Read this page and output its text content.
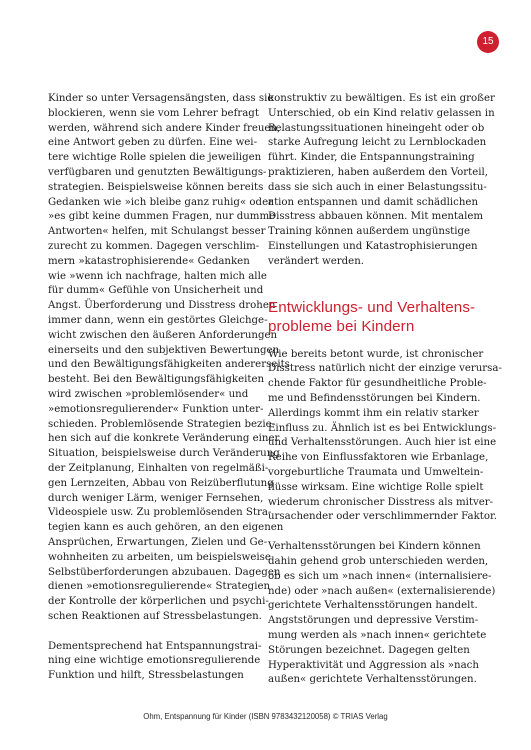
15
Kinder so unter Versagensängsten, dass sie
blockieren, wenn sie vom Lehrer befragt
werden, während sich andere Kinder freuen,
eine Antwort geben zu dürfen. Eine wei-
tere wichtige Rolle spielen die jeweiligen
verfügbaren und genutzten Bewältigungs-
strategien. Beispielsweise können bereits
Gedanken wie »ich bleibe ganz ruhig« oder
»es gibt keine dummen Fragen, nur dumme
Antworten« helfen, mit Schulangst besser
zurecht zu kommen. Dagegen verschlim-
mern »katastrophisierende« Gedanken
wie »wenn ich nachfrage, halten mich alle
für dumm« Gefühle von Unsicherheit und
Angst. Überforderung und Disstress drohen
immer dann, wenn ein gestörtes Gleichge-
wicht zwischen den äußeren Anforderungen
einerseits und den subjektiven Bewertungen
und den Bewältigungsfähigkeiten andererseits
besteht. Bei den Bewältigungsfähigkeiten
wird zwischen »problemlösender« und
»emotionsregulierender« Funktion unter-
schieden. Problemlösende Strategien bezie-
hen sich auf die konkrete Veränderung einer
Situation, beispielsweise durch Veränderung
der Zeitplanung, Einhalten von regelmäßi-
gen Lernzeiten, Abbau von Reizüberflutung
durch weniger Lärm, weniger Fernsehen,
Videospiele usw. Zu problemlösenden Stra-
tegien kann es auch gehören, an den eigenen
Ansprüchen, Erwartungen, Zielen und Ge-
wohnheiten zu arbeiten, um beispielsweise
Selbstüberforderungen abzubauen. Dagegen
dienen »emotionsregulierende« Strategien
der Kontrolle der körperlichen und psychi-
schen Reaktionen auf Stressbelastungen.
Dementsprechend hat Entspannungstrai-
ning eine wichtige emotionsregulierende
Funktion und hilft, Stressbelastungen
konstruktiv zu bewältigen. Es ist ein großer
Unterschied, ob ein Kind relativ gelassen in
Belastungssituationen hineingeht oder ob
starke Aufregung leicht zu Lernblockaden
führt. Kinder, die Entspannungstraining
praktizieren, haben außerdem den Vorteil,
dass sie sich auch in einer Belastungssitu-
ation entspannen und damit schädlichen
Disstress abbauen können. Mit mentalem
Training können außerdem ungünstige
Einstellungen und Katastrophisierungen
verändert werden.
Entwicklungs- und Verhaltens-
probleme bei Kindern
Wie bereits betont wurde, ist chronischer
Disstress natürlich nicht der einzige verursa-
chende Faktor für gesundheitliche Proble-
me und Befindensstörungen bei Kindern.
Allerdings kommt ihm ein relativ starker
Einfluss zu. Ähnlich ist es bei Entwicklungs-
und Verhaltensstörungen. Auch hier ist eine
Reihe von Einflussfaktoren wie Erbanlage,
vorgeburtliche Traumata und Umweltein-
flüsse wirksam. Eine wichtige Rolle spielt
wiederum chronischer Disstress als mitver-
ursachender oder verschlimmernder Faktor.
Verhaltensstörungen bei Kindern können
dahin gehend grob unterschieden werden,
ob es sich um »nach innen« (internalisiere-
nde) oder »nach außen« (externalisierende)
gerichtete Verhaltensstörungen handelt.
Angststörungen und depressive Verstim-
mung werden als »nach innen« gerichtete
Störungen bezeichnet. Dagegen gelten
Hyperaktivität und Aggression als »nach
außen« gerichtete Verhaltensstörungen.
Ohm, Entspannung für Kinder (ISBN 9783432120058) © TRIAS Verlag
